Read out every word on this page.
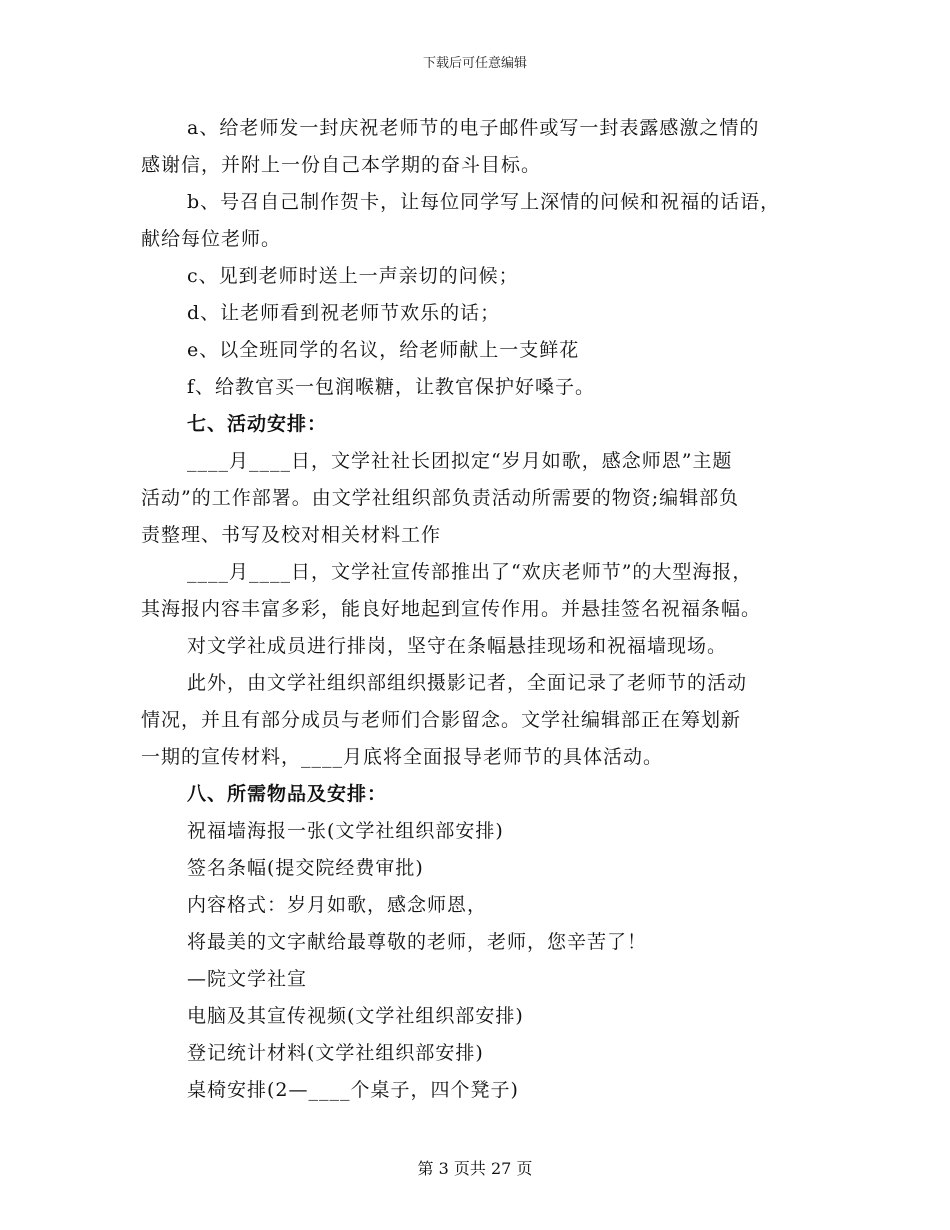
下载后可任意编辑
a、给老师发一封庆祝老师节的电子邮件或写一封表露感激之情的
感谢信，并附上一份自己本学期的奋斗目标。
b、号召自己制作贺卡，让每位同学写上深情的问候和祝福的话语，
献给每位老师。
c、见到老师时送上一声亲切的问候；
d、让老师看到祝老师节欢乐的话；
e、以全班同学的名议，给老师献上一支鲜花
f、给教官买一包润喉糖，让教官保护好嗓子。
七、活动安排：
____月____日，文学社社长团拟定“岁月如歌，感念师恩”主题
活动”的工作部署。由文学社组织部负责活动所需要的物资;编辑部负
责整理、书写及校对相关材料工作
____月____日，文学社宣传部推出了“欢庆老师节”的大型海报，
其海报内容丰富多彩，能良好地起到宣传作用。并悬挂签名祝福条幅。
对文学社成员进行排岗，坚守在条幅悬挂现场和祝福墙现场。
此外，由文学社组织部组织摄影记者，全面记录了老师节的活动
情况，并且有部分成员与老师们合影留念。文学社编辑部正在筹划新
一期的宣传材料，____月底将全面报导老师节的具体活动。
八、所需物品及安排：
祝福墙海报一张(文学社组织部安排)
签名条幅(提交院经费审批)
内容格式：岁月如歌，感念师恩，
将最美的文字献给最尊敬的老师，老师，您辛苦了！
—院文学社宣
电脑及其宣传视频(文学社组织部安排)
登记统计材料(文学社组织部安排)
桌椅安排(2—____个桌子，四个凳子)
第 3 页共 27 页
